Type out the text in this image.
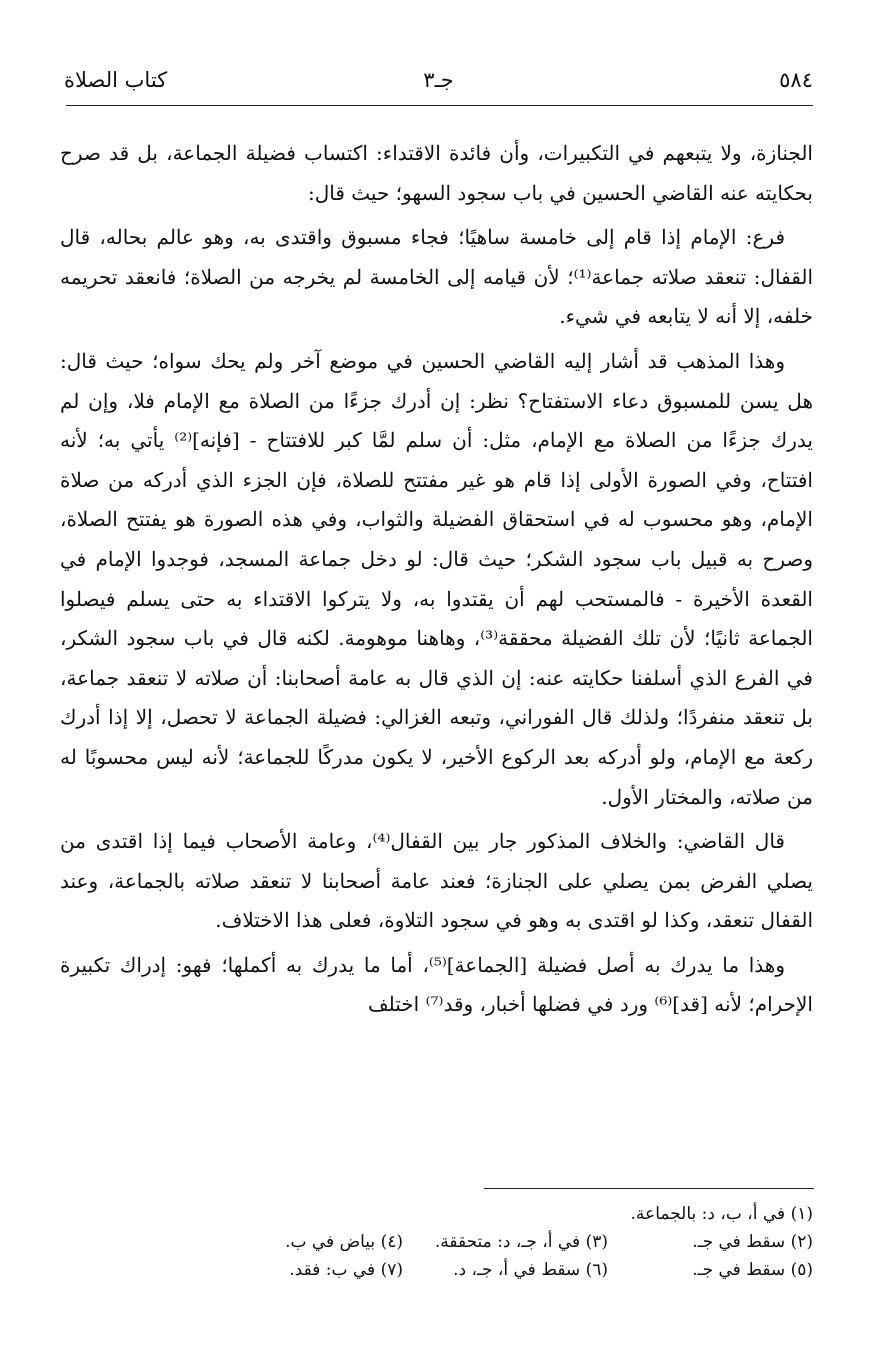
٥٨٤
جـ٣
كتاب الصلاة

الجنازة، ولا يتبعهم في التكبيرات، وأن فائدة الاقتداء: اكتساب فضيلة الجماعة، بل قد صرح بحكايته عنه القاضي الحسين في باب سجود السهو؛ حيث قال:

فرع: الإمام إذا قام إلى خامسة ساهيًا؛ فجاء مسبوق واقتدى به، وهو عالم بحاله، قال القفال: تنعقد صلاته جماعة⁽¹⁾؛ لأن قيامه إلى الخامسة لم يخرجه من الصلاة؛ فانعقد تحريمه خلفه، إلا أنه لا يتابعه في شيء.

وهذا المذهب قد أشار إليه القاضي الحسين في موضع آخر ولم يحك سواه؛ حيث قال: هل يسن للمسبوق دعاء الاستفتاح؟ نظر: إن أدرك جزءًا من الصلاة مع الإمام فلا، وإن لم يدرك جزءًا من الصلاة مع الإمام، مثل: أن سلم لمَّا كبر للافتتاح - [فإنه]⁽²⁾ يأتي به؛ لأنه افتتاح، وفي الصورة الأولى إذا قام هو غير مفتتح للصلاة، فإن الجزء الذي أدركه من صلاة الإمام، وهو محسوب له في استحقاق الفضيلة والثواب، وفي هذه الصورة هو يفتتح الصلاة، وصرح به قبيل باب سجود الشكر؛ حيث قال: لو دخل جماعة المسجد، فوجدوا الإمام في القعدة الأخيرة - فالمستحب لهم أن يقتدوا به، ولا يتركوا الاقتداء به حتى يسلم فيصلوا الجماعة ثانيًا؛ لأن تلك الفضيلة محققة⁽³⁾، وهاهنا موهومة. لكنه قال في باب سجود الشكر، في الفرع الذي أسلفنا حكايته عنه: إن الذي قال به عامة أصحابنا: أن صلاته لا تنعقد جماعة، بل تنعقد منفردًا؛ ولذلك قال الفوراني، وتبعه الغزالي: فضيلة الجماعة لا تحصل، إلا إذا أدرك ركعة مع الإمام، ولو أدركه بعد الركوع الأخير، لا يكون مدركًا للجماعة؛ لأنه ليس محسوبًا له من صلاته، والمختار الأول.

قال القاضي: والخلاف المذكور جار بين القفال⁽⁴⁾، وعامة الأصحاب فيما إذا اقتدى من يصلي الفرض بمن يصلي على الجنازة؛ فعند عامة أصحابنا لا تنعقد صلاته بالجماعة، وعند القفال تنعقد، وكذا لو اقتدى به وهو في سجود التلاوة، فعلى هذا الاختلاف.

وهذا ما يدرك به أصل فضيلة [الجماعة]⁽⁵⁾، أما ما يدرك به أكملها؛ فهو: إدراك تكبيرة الإحرام؛ لأنه [قد]⁽⁶⁾ ورد في فضلها أخبار، وقد⁽⁷⁾ اختلف

(١) في أ، ب، د: بالجماعة.
(٢) سقط في جـ.
(٣) في أ، جـ، د: متحققة.
(٤) بياض في ب.
(٥) سقط في جـ.
(٦) سقط في أ، جـ، د.
(٧) في ب: فقد.
